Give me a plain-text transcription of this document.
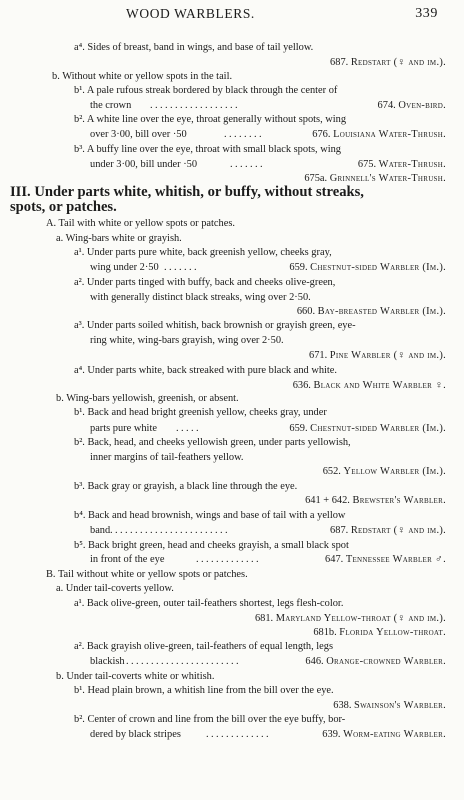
WOOD WARBLERS.	339
a⁴. Sides of breast, band in wings, and base of tail yellow.
687. Redstart (♀ and im.).
b. Without white or yellow spots in the tail.
b¹. A pale rufous streak bordered by black through the center of
the crown ..................	674. Oven-bird.
b². A white line over the eye, throat generally without spots, wing
over 3·00, bill over ·50	........	676. Louisiana Water-Thrush.
b³. A buffy line over the eye, throat with small black spots, wing
under 3·00, bill under ·50	.......	675. Water-Thrush.
675a. Grinnell's Water-Thrush.
III. Under parts white, whitish, or buffy, without streaks,
spots, or patches.
A. Tail with white or yellow spots or patches.
a. Wing-bars white or grayish.
a¹. Under parts pure white, back greenish yellow, cheeks gray,
wing under 2·50 .......	659. Chestnut-sided Warbler (Im.).
a². Under parts tinged with buffy, back and cheeks olive-green,
with generally distinct black streaks, wing over 2·50.
660. Bay-breasted Warbler (Im.).
a³. Under parts soiled whitish, back brownish or grayish green, eye-
ring white, wing-bars grayish, wing over 2·50.
671. Pine Warbler (♀ and im.).
a⁴. Under parts white, back streaked with pure black and white.
636. Black and White Warbler ♀.
b. Wing-bars yellowish, greenish, or absent.
b¹. Back and head bright greenish yellow, cheeks gray, under
parts pure white .....	659. Chestnut-sided Warbler (Im.).
b². Back, head, and cheeks yellowish green, under parts yellowish,
inner margins of tail-feathers yellow.
652. Yellow Warbler (Im.).
b³. Back gray or grayish, a black line through the eye.
641 + 642. Brewster's Warbler.
b⁴. Back and head brownish, wings and base of tail with a yellow
band ........................	687. Redstart (♀ and im.).
b⁵. Back bright green, head and cheeks grayish, a small black spot
in front of the eye	.............	647. Tennessee Warbler ♂.
B. Tail without white or yellow spots or patches.
a. Under tail-coverts yellow.
a¹. Back olive-green, outer tail-feathers shortest, legs flesh-color.
681. Maryland Yellow-throat (♀ and im.).
681b. Florida Yellow-throat.
a². Back grayish olive-green, tail-feathers of equal length, legs
blackish .......................	646. Orange-crowned Warbler.
b. Under tail-coverts white or whitish.
b¹. Head plain brown, a whitish line from the bill over the eye.
638. Swainson's Warbler.
b². Center of crown and line from the bill over the eye buffy, bor-
dered by black stripes .............	639. Worm-eating Warbler.
